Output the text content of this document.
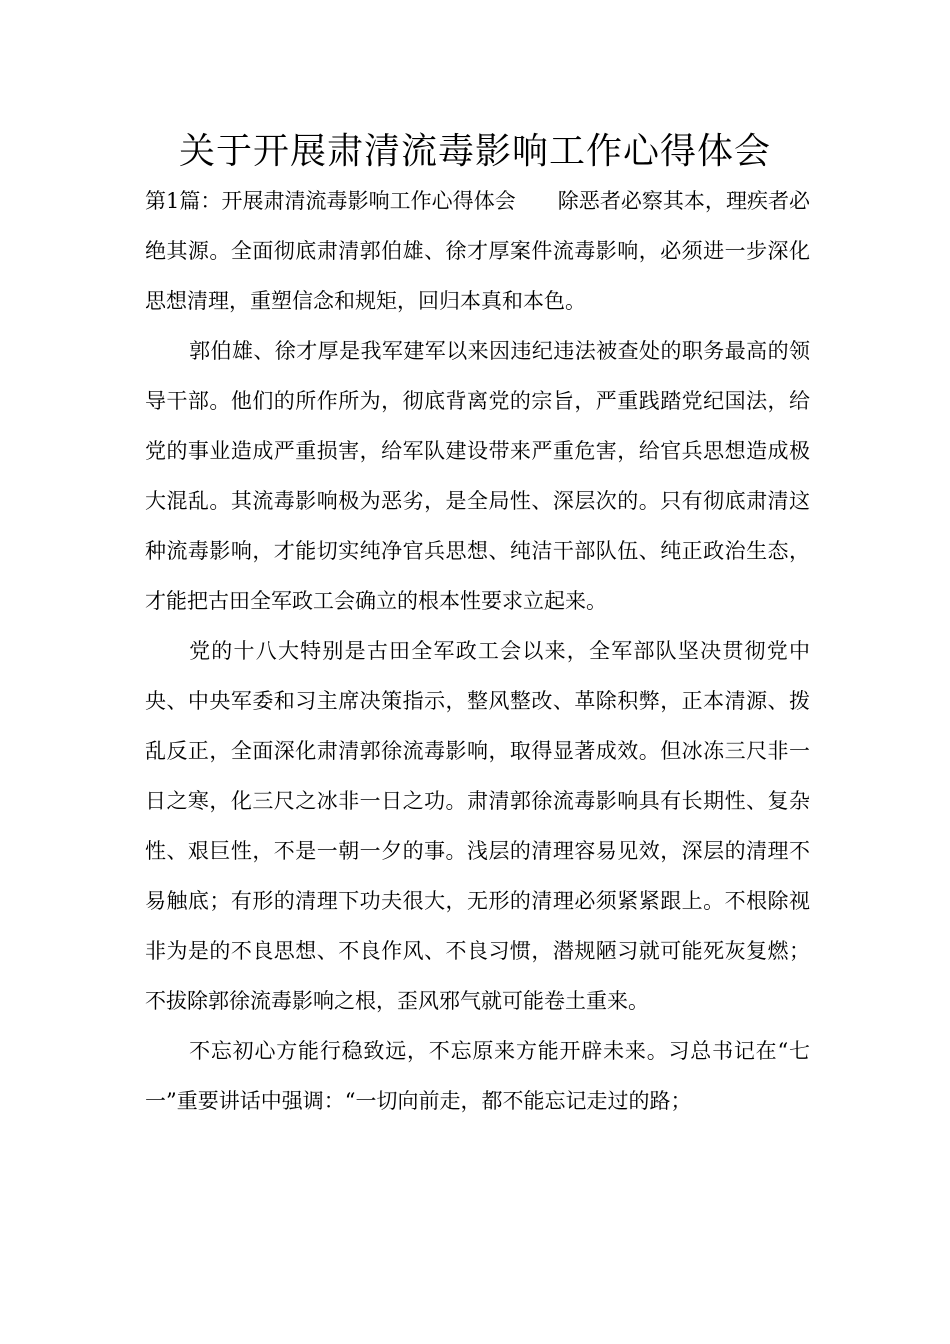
关于开展肃清流毒影响工作心得体会

第1篇：开展肃清流毒影响工作心得体会 除恶者必察其本，理疾者必绝其源。全面彻底肃清郭伯雄、徐才厚案件流毒影响，必须进一步深化思想清理，重塑信念和规矩，回归本真和本色。

郭伯雄、徐才厚是我军建军以来因违纪违法被查处的职务最高的领导干部。他们的所作所为，彻底背离党的宗旨，严重践踏党纪国法，给党的事业造成严重损害，给军队建设带来严重危害，给官兵思想造成极大混乱。其流毒影响极为恶劣，是全局性、深层次的。只有彻底肃清这种流毒影响，才能切实纯净官兵思想、纯洁干部队伍、纯正政治生态，才能把古田全军政工会确立的根本性要求立起来。

党的十八大特别是古田全军政工会以来，全军部队坚决贯彻党中央、中央军委和习主席决策指示，整风整改、革除积弊，正本清源、拨乱反正，全面深化肃清郭徐流毒影响，取得显著成效。但冰冻三尺非一日之寒，化三尺之冰非一日之功。肃清郭徐流毒影响具有长期性、复杂性、艰巨性，不是一朝一夕的事。浅层的清理容易见效，深层的清理不易触底；有形的清理下功夫很大，无形的清理必须紧紧跟上。不根除视非为是的不良思想、不良作风、不良习惯，潜规陋习就可能死灰复燃；不拔除郭徐流毒影响之根，歪风邪气就可能卷土重来。

不忘初心方能行稳致远，不忘原来方能开辟未来。习总书记在“七一”重要讲话中强调：“一切向前走，都不能忘记走过的路；
